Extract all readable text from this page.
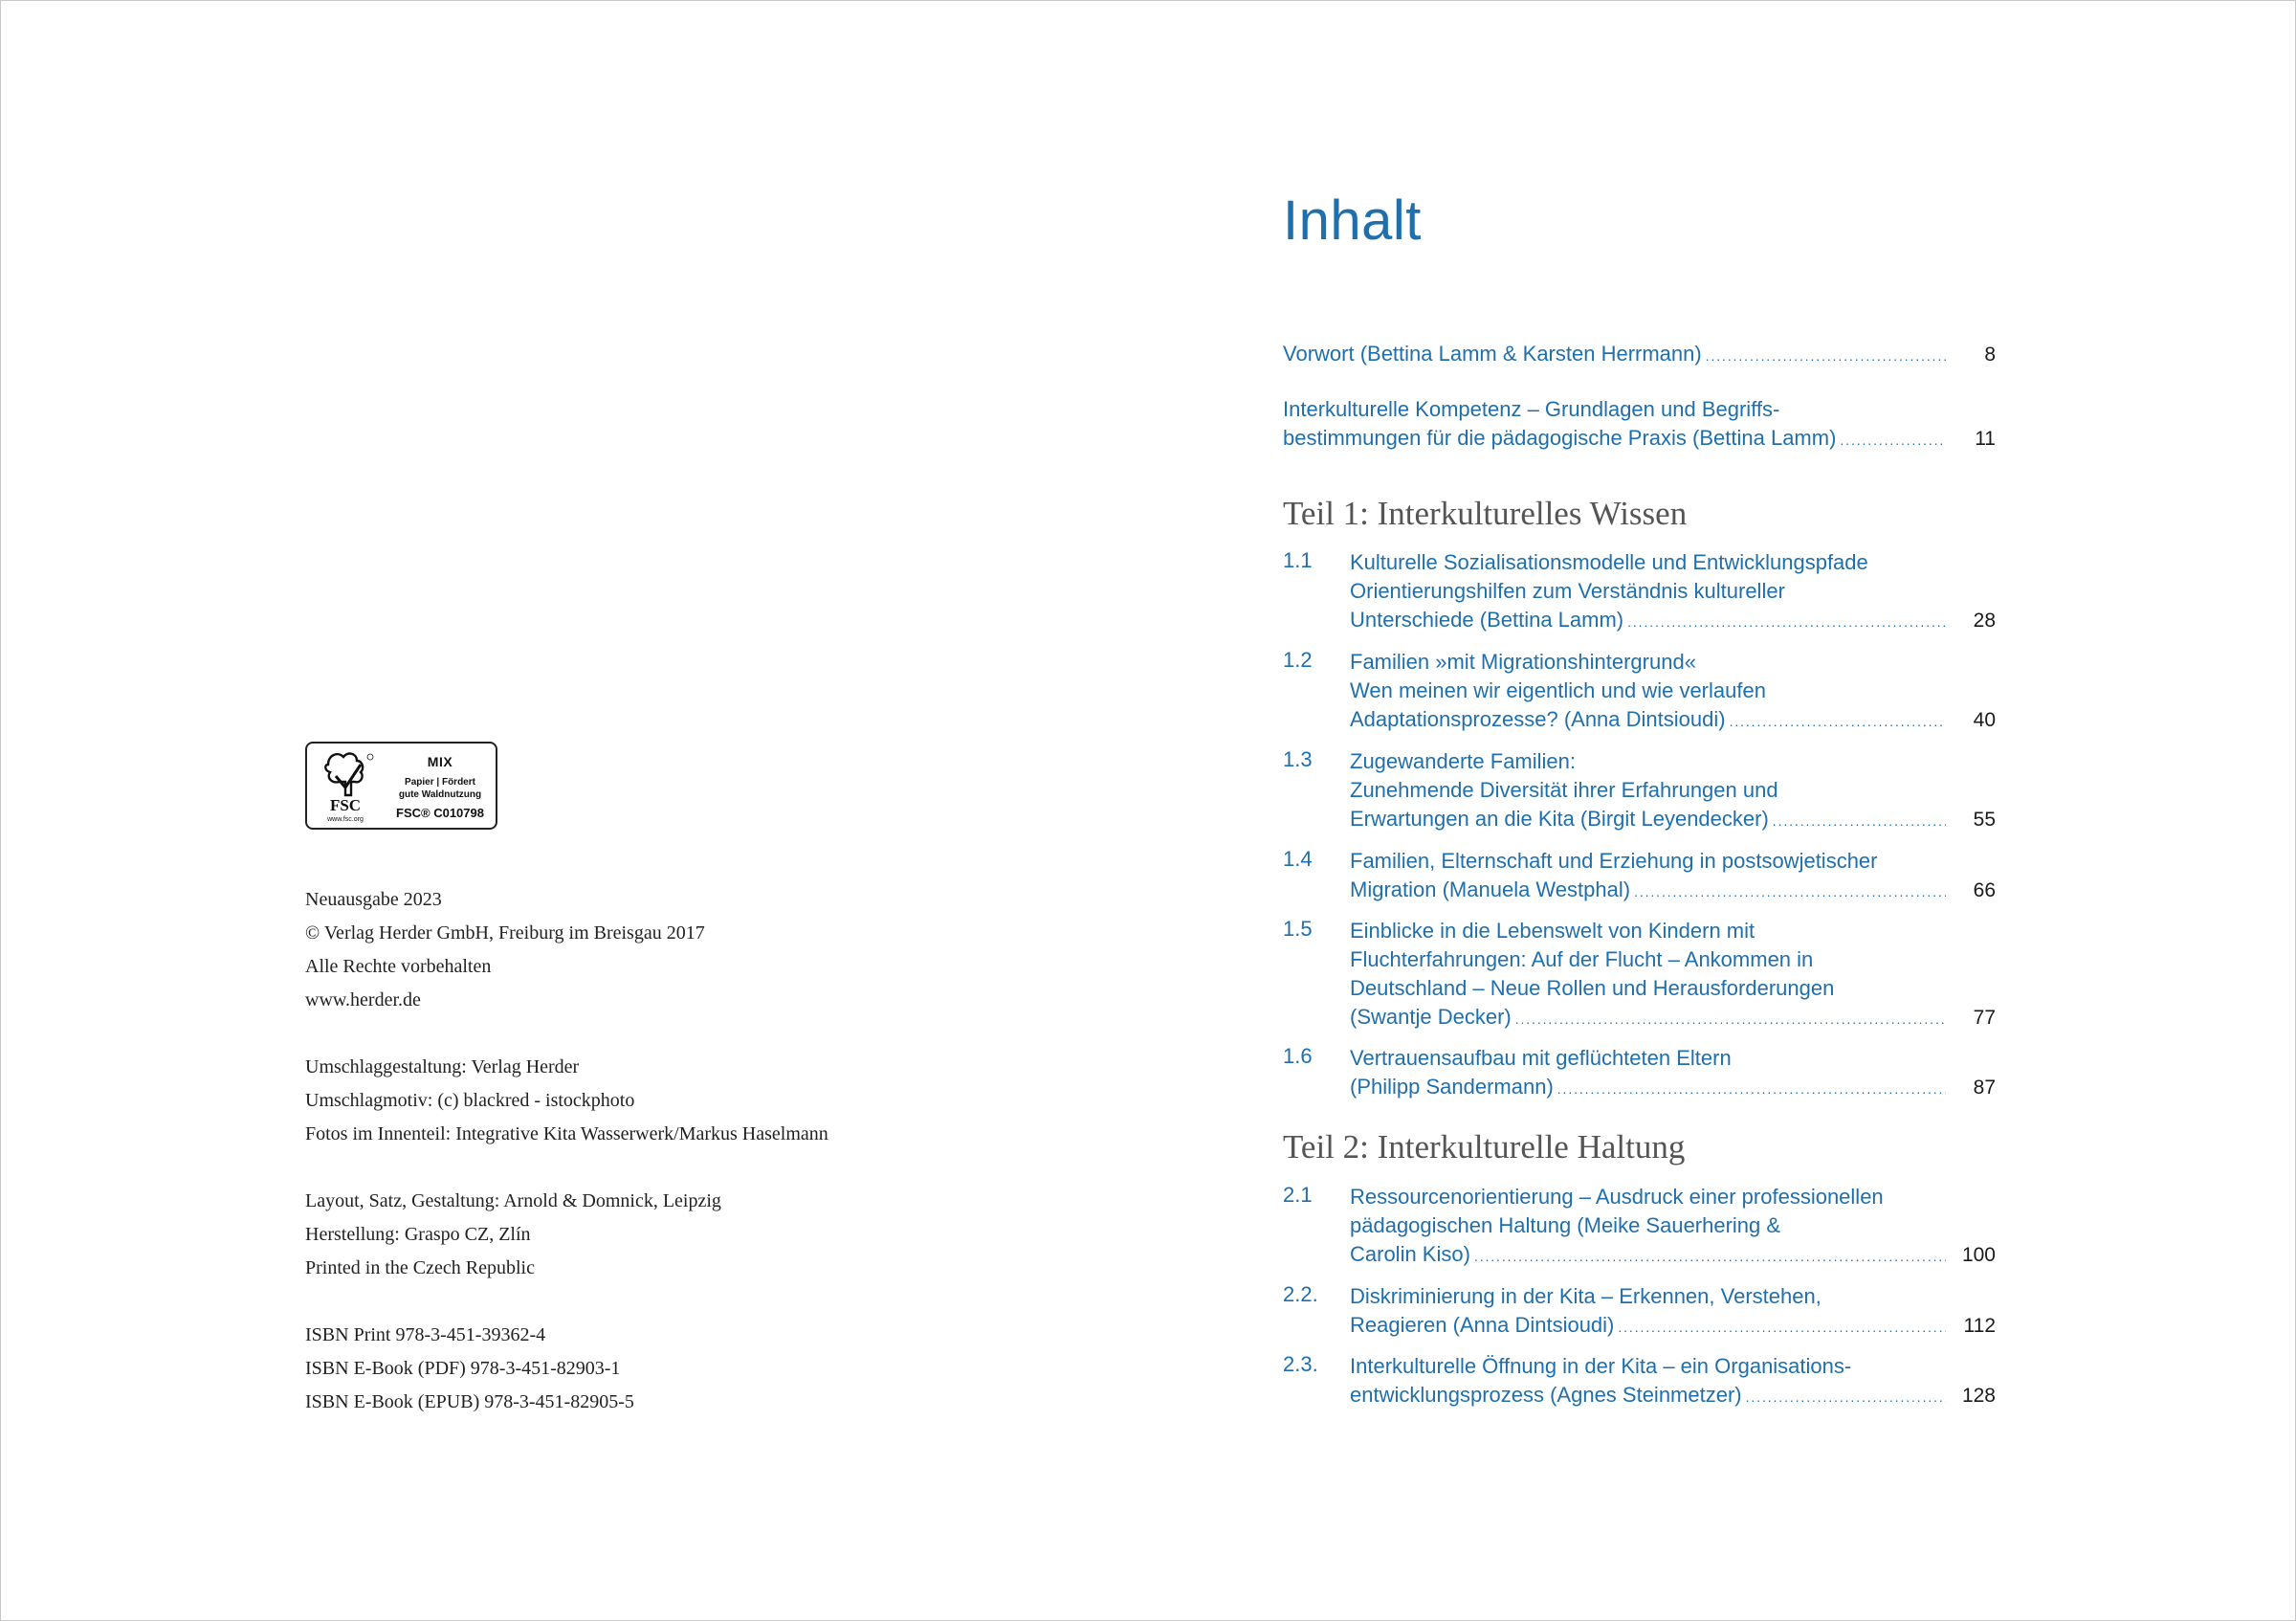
FSC
www.fsc.org
MIX
Papier | Fördert
gute Waldnutzung
FSC® C010798
Neuausgabe 2023
© Verlag Herder GmbH, Freiburg im Breisgau 2017
Alle Rechte vorbehalten
www.herder.de
Umschlaggestaltung: Verlag Herder
Umschlagmotiv: (c) blackred - istockphoto
Fotos im Innenteil: Integrative Kita Wasserwerk/Markus Haselmann
Layout, Satz, Gestaltung: Arnold & Domnick, Leipzig
Herstellung: Graspo CZ, Zlín
Printed in the Czech Republic
ISBN Print 978-3-451-39362-4
ISBN E-Book (PDF) 978-3-451-82903-1
ISBN E-Book (EPUB) 978-3-451-82905-5
Inhalt
Vorwort (Bettina Lamm & Karsten Herrmann) . . .	8
Interkulturelle Kompetenz – Grundlagen und Begriffs-
bestimmungen für die pädagogische Praxis (Bettina Lamm) . . .	11
Teil 1: Interkulturelles Wissen
1.1	Kulturelle Sozialisationsmodelle und Entwicklungspfade
Orientierungshilfen zum Verständnis kultureller
Unterschiede (Bettina Lamm) . . .	28
1.2	Familien »mit Migrationshintergrund«
Wen meinen wir eigentlich und wie verlaufen
Adaptationsprozesse? (Anna Dintsioudi) . . .	40
1.3	Zugewanderte Familien:
Zunehmende Diversität ihrer Erfahrungen und
Erwartungen an die Kita (Birgit Leyendecker) . . .	55
1.4	Familien, Elternschaft und Erziehung in postsowjetischer
Migration (Manuela Westphal) . . .	66
1.5	Einblicke in die Lebenswelt von Kindern mit
Fluchterfahrungen: Auf der Flucht – Ankommen in
Deutschland – Neue Rollen und Herausforderungen
(Swantje Decker) . . .	77
1.6	Vertrauensaufbau mit geflüchteten Eltern
(Philipp Sandermann) . . .	87
Teil 2: Interkulturelle Haltung
2.1	Ressourcenorientierung – Ausdruck einer professionellen
pädagogischen Haltung (Meike Sauerhering &
Carolin Kiso) . . .	100
2.2.	Diskriminierung in der Kita – Erkennen, Verstehen,
Reagieren (Anna Dintsioudi) . . .	112
2.3.	Interkulturelle Öffnung in der Kita – ein Organisations-
entwicklungsprozess (Agnes Steinmetzer) . . .	128
